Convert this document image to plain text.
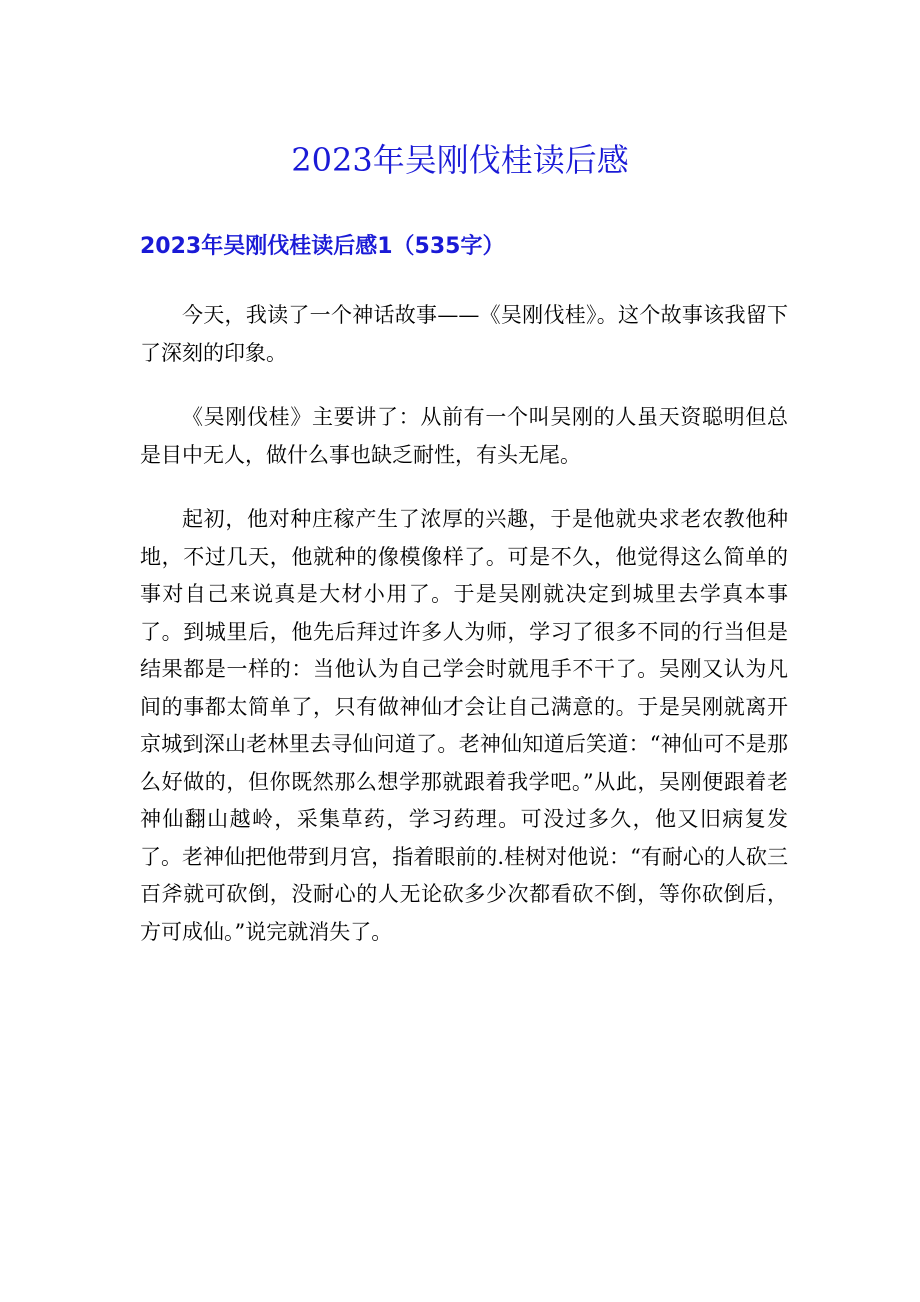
2023年吴刚伐桂读后感
2023年吴刚伐桂读后感1（535字）

今天，我读了一个神话故事——《吴刚伐桂》。这个故事该我留下了深刻的印象。

《吴刚伐桂》主要讲了：从前有一个叫吴刚的人虽天资聪明但总是目中无人，做什么事也缺乏耐性，有头无尾。

起初，他对种庄稼产生了浓厚的兴趣，于是他就央求老农教他种地，不过几天，他就种的像模像样了。可是不久，他觉得这么简单的事对自己来说真是大材小用了。于是吴刚就决定到城里去学真本事了。到城里后，他先后拜过许多人为师，学习了很多不同的行当但是结果都是一样的：当他认为自己学会时就甩手不干了。吴刚又认为凡间的事都太简单了，只有做神仙才会让自己满意的。于是吴刚就离开京城到深山老林里去寻仙问道了。老神仙知道后笑道：“神仙可不是那么好做的，但你既然那么想学那就跟着我学吧。”从此，吴刚便跟着老神仙翻山越岭，采集草药，学习药理。可没过多久，他又旧病复发了。老神仙把他带到月宫，指着眼前的.桂树对他说：“有耐心的人砍三百斧就可砍倒，没耐心的人无论砍多少次都看砍不倒，等你砍倒后，方可成仙。”说完就消失了。
